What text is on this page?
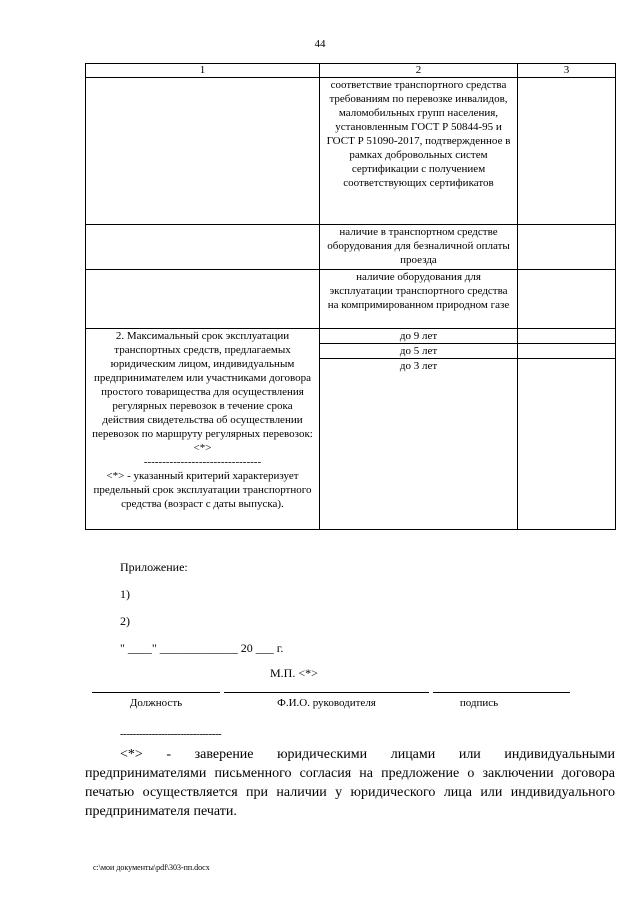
44
1	2	3
	соответствие транспортного средства требованиям по перевозке инвалидов, маломобильных групп населения, установленным ГОСТ Р 50844-95 и ГОСТ Р 51090-2017, подтвержденное в рамках добровольных систем сертификации с получением соответствующих сертификатов	
	наличие в транспортном средстве оборудования для безналичной оплаты проезда	
	наличие оборудования для эксплуатации транспортного средства на компримированном природном газе	
2. Максимальный срок эксплуатации транспортных средств, предлагаемых юридическим лицом, индивидуальным предпринимателем или участниками договора простого товарищества для осуществления регулярных перевозок в течение срока действия свидетельства об осуществлении перевозок по маршруту регулярных перевозок: <*>

--------------------------------
<*> - указанный критерий характеризует предельный срок эксплуатации транспортного средства (возраст с даты выпуска).	до 9 лет	
	до 5 лет	
	до 3 лет	
Приложение:
1)
2)
" ____" _____________ 20 ___ г.
М.П. <*>
Должность	Ф.И.О. руководителя	подпись
--------------------------------
<*> - заверение юридическими лицами или индивидуальными предпринимателями письменного согласия на предложение о заключении договора печатью осуществляется при наличии у юридического лица или индивидуального предпринимателя печати.
c:\мои документы\pdf\303-пп.docx
